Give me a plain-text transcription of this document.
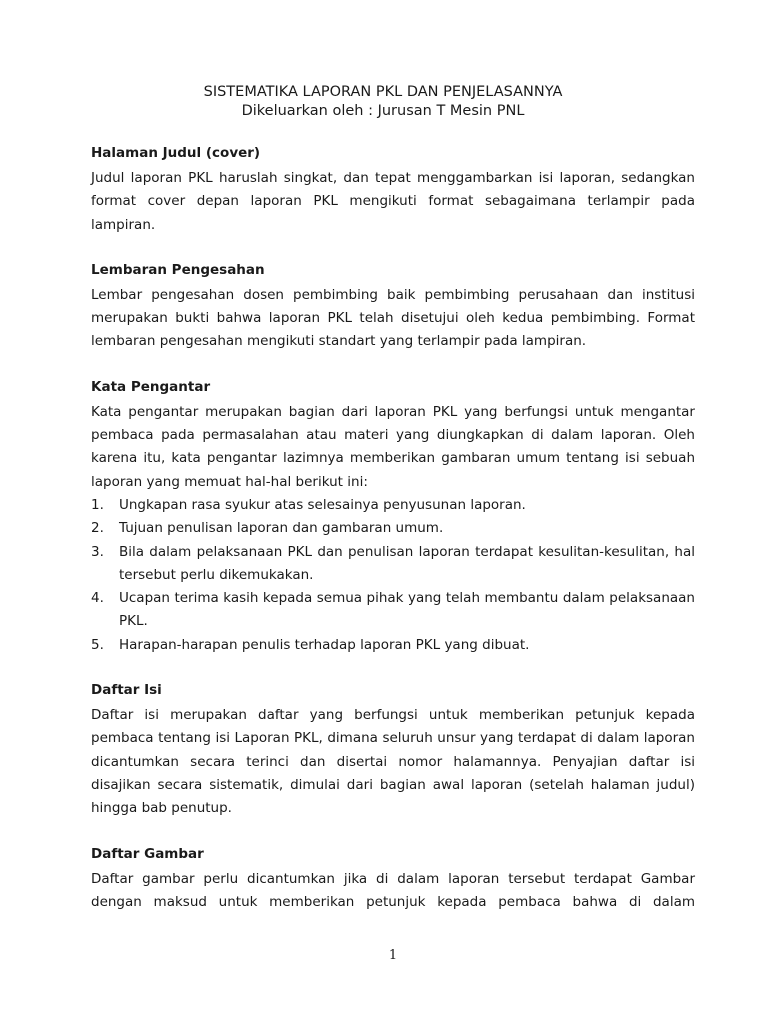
SISTEMATIKA LAPORAN PKL DAN PENJELASANNYA
Dikeluarkan oleh : Jurusan T Mesin PNL
Halaman Judul (cover)

Judul laporan PKL haruslah singkat, dan tepat menggambarkan isi laporan, sedangkan format cover depan laporan PKL mengikuti format sebagaimana terlampir pada lampiran.

Lembaran Pengesahan

Lembar pengesahan dosen pembimbing baik pembimbing perusahaan dan institusi merupakan bukti bahwa laporan PKL telah disetujui oleh kedua pembimbing. Format lembaran pengesahan mengikuti standart yang terlampir pada lampiran.

Kata Pengantar

Kata pengantar merupakan bagian dari laporan PKL yang berfungsi untuk mengantar pembaca pada permasalahan atau materi yang diungkapkan di dalam laporan. Oleh karena itu, kata pengantar lazimnya memberikan gambaran umum tentang isi sebuah laporan yang memuat hal-hal berikut ini:

1. Ungkapan rasa syukur atas selesainya penyusunan laporan.
2. Tujuan penulisan laporan dan gambaran umum.
3. Bila dalam pelaksanaan PKL dan penulisan laporan terdapat kesulitan-kesulitan, hal tersebut perlu dikemukakan.
4. Ucapan terima kasih kepada semua pihak yang telah membantu dalam pelaksanaan PKL.
5. Harapan-harapan penulis terhadap laporan PKL yang dibuat.
Daftar Isi

Daftar isi merupakan daftar yang berfungsi untuk memberikan petunjuk kepada pembaca tentang isi Laporan PKL, dimana seluruh unsur yang terdapat di dalam laporan dicantumkan secara terinci dan disertai nomor halamannya. Penyajian daftar isi disajikan secara sistematik, dimulai dari bagian awal laporan (setelah halaman judul) hingga bab penutup.

Daftar Gambar

Daftar gambar perlu dicantumkan jika di dalam laporan tersebut terdapat Gambar dengan maksud untuk memberikan petunjuk kepada pembaca bahwa di dalam

1
